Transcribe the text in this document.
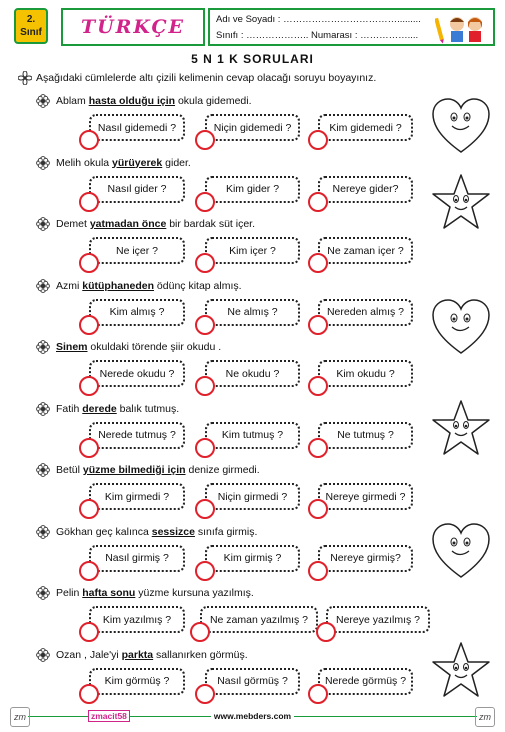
2.
Sınıf TÜRKÇE	Adı ve Soyadı : ……………………………….........
Sınıfı : ……………….. Numarası : ……………....
5 N 1 K SORULARI
Aşağıdaki cümlelerde altı çizili kelimenin cevap olacağı soruyu boyayınız.
Ablam hasta olduğu için okula gidemedi.
Nasıl gidemedi ?	Niçin gidemedi ?	Kim gidemedi ?
Melih okula yürüyerek gider.
Nasıl gider ?	Kim gider ?	Nereye gider?
Demet yatmadan önce bir bardak süt içer.
Ne içer ?	Kim içer ?	Ne zaman içer ?
Azmi kütüphaneden ödünç kitap almış.
Kim almış ?	Ne almış ?	Nereden almış ?
Sinem okuldaki törende şiir okudu .
Nerede okudu ?	Ne okudu ?	Kim okudu ?
Fatih derede balık tutmuş.
Nerede tutmuş ?	Kim tutmuş ?	Ne tutmuş ?
Betül yüzme bilmediği için denize girmedi.
Kim girmedi ?	Niçin girmedi ?	Nereye girmedi ?
Gökhan geç kalınca sessizce sınıfa girmiş.
Nasıl girmiş ?	Kim girmiş ?	Nereye girmiş?
Pelin hafta sonu yüzme kursuna yazılmış.
Kim yazılmış ?	Ne zaman yazılmış ?	Nereye yazılmış ?
Ozan , Jale'yi parkta sallanırken görmüş.
Kim görmüş ?	Nasıl görmüş ?	Nerede görmüş ?
zm	zmacit58	www.mebders.com	zm
